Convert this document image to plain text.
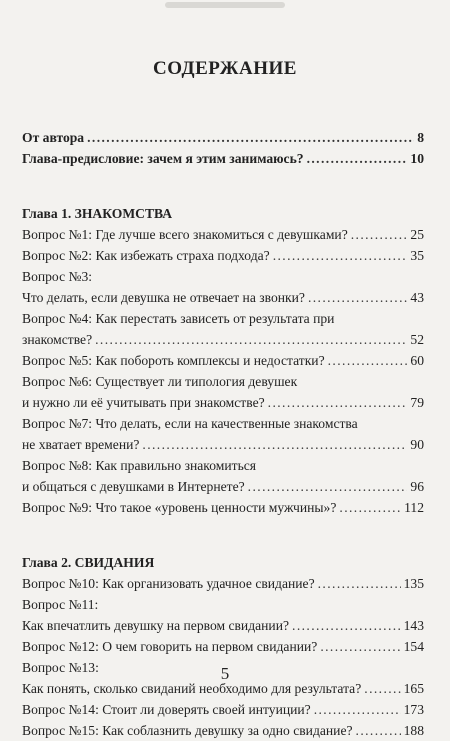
СОДЕРЖАНИЕ
От автора . . .	8
Глава-предисловие: зачем я этим занимаюсь? . . .	10
Глава 1. ЗНАКОМСТВА
Вопрос №1: Где лучше всего знакомиться с девушками? . . .	25
Вопрос №2: Как избежать страха подхода? . . .	35
Вопрос №3:
Что делать, если девушка не отвечает на звонки? . . .	43
Вопрос №4: Как перестать зависеть от результата при
знакомстве? . . .	52
Вопрос №5: Как побороть комплексы и недостатки? . . .	60
Вопрос №6: Существует ли типология девушек
и нужно ли её учитывать при знакомстве? . . .	79
Вопрос №7: Что делать, если на качественные знакомства
не хватает времени? . . .	90
Вопрос №8: Как правильно знакомиться
и общаться с девушками в Интернете? . . .	96
Вопрос №9: Что такое «уровень ценности мужчины»? . . .	112
Глава 2. СВИДАНИЯ
Вопрос №10: Как организовать удачное свидание? . . .	135
Вопрос №11:
Как впечатлить девушку на первом свидании? . . .	143
Вопрос №12: О чем говорить на первом свидании? . . .	154
Вопрос №13:
Как понять, сколько свиданий необходимо для результата? . . .	165
Вопрос №14: Стоит ли доверять своей интуиции? . . .	173
Вопрос №15: Как соблазнить девушку за одно свидание? . . .	188
5
